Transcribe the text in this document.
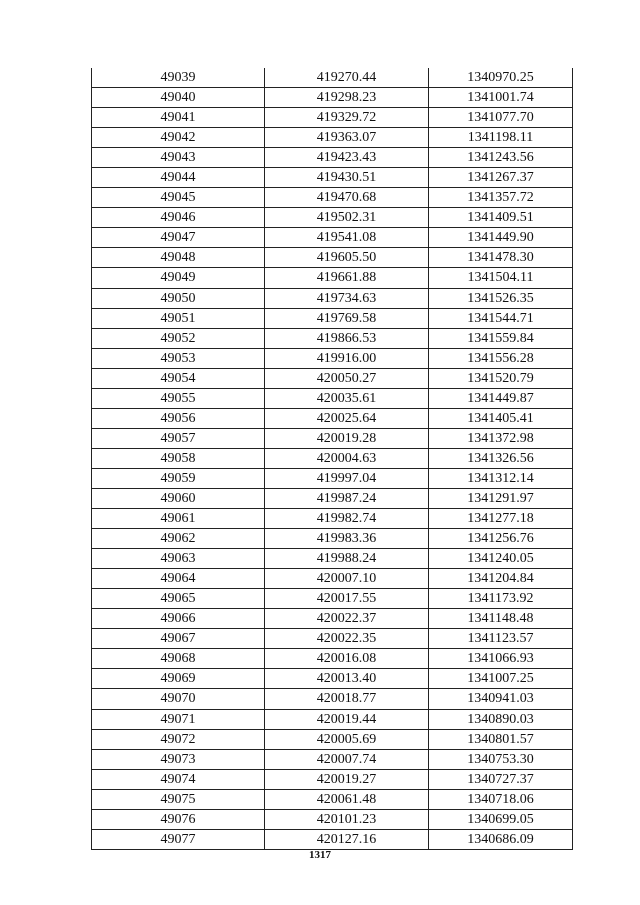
49039	419270.44	1340970.25
49040	419298.23	1341001.74
49041	419329.72	1341077.70
49042	419363.07	1341198.11
49043	419423.43	1341243.56
49044	419430.51	1341267.37
49045	419470.68	1341357.72
49046	419502.31	1341409.51
49047	419541.08	1341449.90
49048	419605.50	1341478.30
49049	419661.88	1341504.11
49050	419734.63	1341526.35
49051	419769.58	1341544.71
49052	419866.53	1341559.84
49053	419916.00	1341556.28
49054	420050.27	1341520.79
49055	420035.61	1341449.87
49056	420025.64	1341405.41
49057	420019.28	1341372.98
49058	420004.63	1341326.56
49059	419997.04	1341312.14
49060	419987.24	1341291.97
49061	419982.74	1341277.18
49062	419983.36	1341256.76
49063	419988.24	1341240.05
49064	420007.10	1341204.84
49065	420017.55	1341173.92
49066	420022.37	1341148.48
49067	420022.35	1341123.57
49068	420016.08	1341066.93
49069	420013.40	1341007.25
49070	420018.77	1340941.03
49071	420019.44	1340890.03
49072	420005.69	1340801.57
49073	420007.74	1340753.30
49074	420019.27	1340727.37
49075	420061.48	1340718.06
49076	420101.23	1340699.05
49077	420127.16	1340686.09
1317
